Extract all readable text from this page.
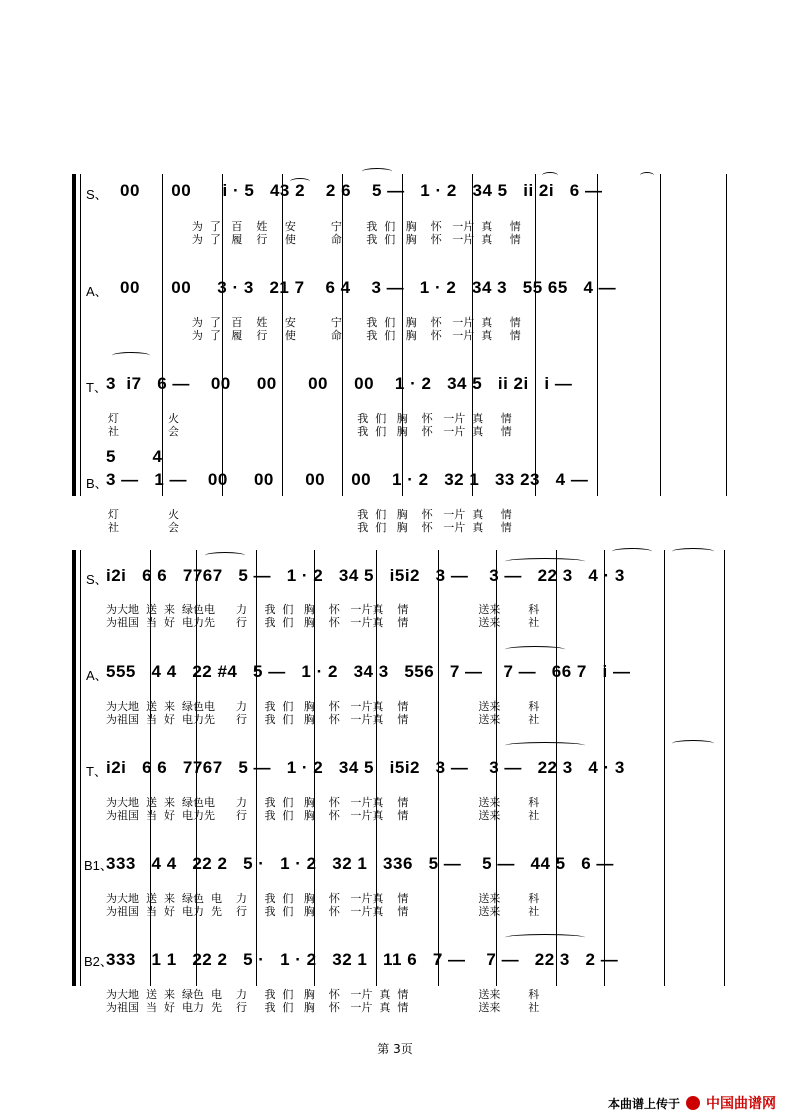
S、 00      00      i · 5   43 2    2 6    5 —   1 · 2   34 5   ii 2i   6 —
为  了   百    姓     安          宁       我  们   胸    怀   一片  真     情
为  了   履    行     使          命       我  们   胸    怀   一片  真     情
A、 00      00     3 · 3   21 7    6 4    3 —   1 · 2   34 3   55 65   4 —
为  了   百    姓     安          宁       我  们   胸    怀   一片  真     情
为  了   履    行     使          命       我  们   胸    怀   一片  真     情
T、 3  i7   6 —    00     00      00     00    1 · 2   34 5   ii 2i   i —
灯              火                                                   我  们   胸    怀   一片  真     情
社              会                                                   我  们   胸    怀   一片  真     情
5       4
B、
3 —   1 —    00     00      00     00    1 · 2   32 1   33 23   4 —
灯              火                                                   我  们   胸    怀   一片  真     情
社              会                                                   我  们   胸    怀   一片  真     情
S、
i2i   6 6   7767   5 —   1 · 2   34 5   i5i2   3 —    3 —   22 3   4 · 3
为大地  送  来  绿色电      力     我  们   胸    怀   一片真    情                    送来        科
为祖国  当  好  电力先      行     我  们   胸    怀   一片真    情                    送来        社
A、
555   4 4   22 #4   5 —   1 · 2   34 3   556   7 —    7 —   66 7   i —
为大地  送  来  绿色电      力     我  们   胸    怀   一片真    情                    送来        科
为祖国  当  好  电力先      行     我  们   胸    怀   一片真    情                    送来        社
T、 i2i   6 6   7767   5 —   1 · 2   34 5   i5i2   3 —    3 —   22 3   4 · 3
为大地  送  来  绿色电      力     我  们   胸    怀   一片真    情                    送来        科
为祖国  当  好  电力先      行     我  们   胸    怀   一片真    情                    送来        社
B1、
333   4 4   22 2   5 ·   1 · 2   32 1   336   5 —    5 —   44 5   6 —
为大地  送  来  绿色  电    力     我  们   胸    怀   一片真    情                    送来        科
为祖国  当  好  电力  先    行     我  们   胸    怀   一片真    情                    送来        社
B2、
333   1 1   22 2   5 ·   1 · 2   32 1   11 6   7 —    7 —   22 3   2 —
为大地  送  来  绿色  电    力     我  们   胸    怀   一片  真  情                    送来        科
为祖国  当  好  电力  先    行     我  们   胸    怀   一片  真  情                    送来        社
第 3页
本曲谱上传于 中国曲谱网
